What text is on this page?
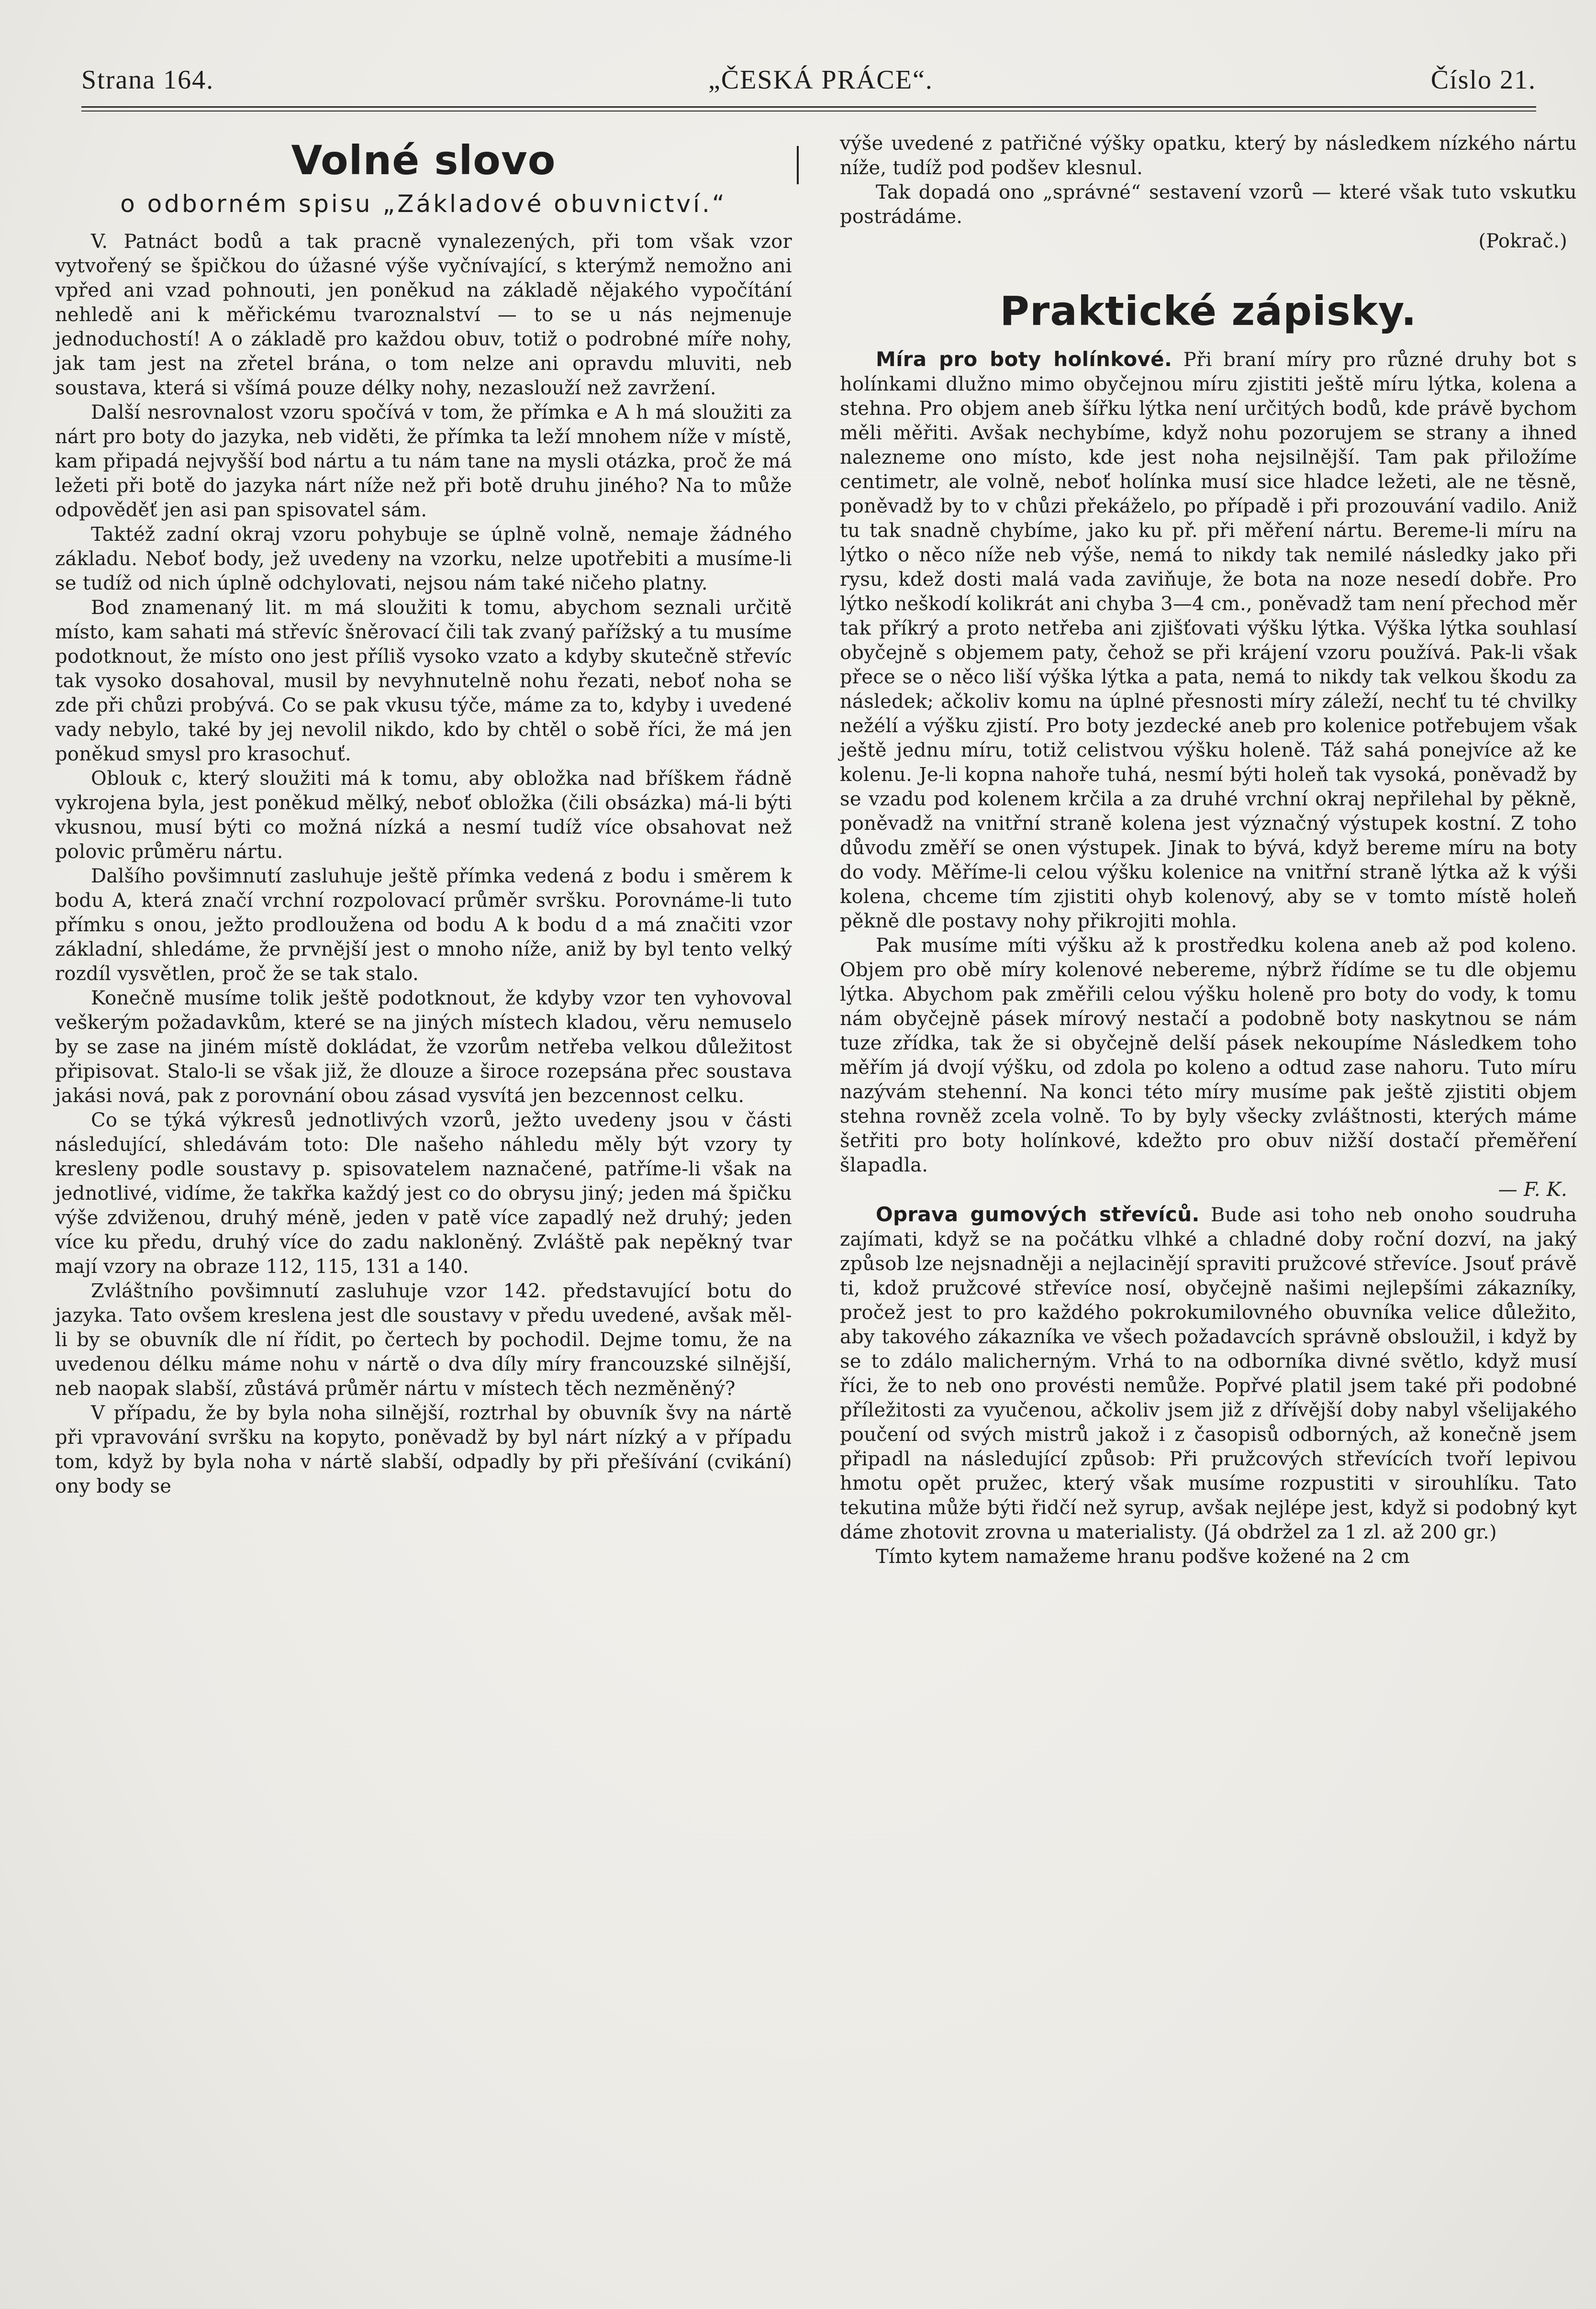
Strana 164.	„ČESKÁ PRÁCE“.	Číslo 21.
Volné slovo
o odborném spisu „Základové obuvnictví.“

V. Patnáct bodů a tak pracně vynalezených, při tom však vzor vytvořený se špičkou do úžasné výše vyčnívající, s kterýmž nemožno ani vpřed ani vzad pohnouti, jen poněkud na základě nějakého vypočítání nehledě ani k měřickému tvaroznalství — to se u nás nejmenuje jednoduchostí! A o základě pro každou obuv, totiž o podrobné míře nohy, jak tam jest na zřetel brána, o tom nelze ani opravdu mluviti, neb soustava, která si všímá pouze délky nohy, nezaslouží než zavržení.

Další nesrovnalost vzoru spočívá v tom, že přímka e A h má sloužiti za nárt pro boty do jazyka, neb viděti, že přímka ta leží mnohem níže v místě, kam připadá nejvyšší bod nártu a tu nám tane na mysli otázka, proč že má ležeti při botě do jazyka nárt níže než při botě druhu jiného? Na to může odpověděť jen asi pan spisovatel sám.

Taktéž zadní okraj vzoru pohybuje se úplně volně, nemaje žádného základu. Neboť body, jež uvedeny na vzorku, nelze upotřebiti a musíme-li se tudíž od nich úplně odchylovati, nejsou nám také ničeho platny.

Bod znamenaný lit. m má sloužiti k tomu, abychom seznali určitě místo, kam sahati má střevíc šněrovací čili tak zvaný pařížský a tu musíme podotknout, že místo ono jest příliš vysoko vzato a kdyby skutečně střevíc tak vysoko dosahoval, musil by nevyhnutelně nohu řezati, neboť noha se zde při chůzi probývá. Co se pak vkusu týče, máme za to, kdyby i uvedené vady nebylo, také by jej nevolil nikdo, kdo by chtěl o sobě říci, že má jen poněkud smysl pro krasochuť.

Oblouk c, který sloužiti má k tomu, aby obložka nad bříškem řádně vykrojena byla, jest poněkud mělký, neboť obložka (čili obsázka) má-li býti vkusnou, musí býti co možná nízká a nesmí tudíž více obsahovat než polovic průměru nártu.

Dalšího povšimnutí zasluhuje ještě přímka vedená z bodu i směrem k bodu A, která značí vrchní rozpolovací průměr svršku. Porovnáme-li tuto přímku s onou, ježto prodloužena od bodu A k bodu d a má značiti vzor základní, shledáme, že prvnější jest o mnoho níže, aniž by byl tento velký rozdíl vysvětlen, proč že se tak stalo.

Konečně musíme tolik ještě podotknout, že kdyby vzor ten vyhovoval veškerým požadavkům, které se na jiných místech kladou, věru nemuselo by se zase na jiném místě dokládat, že vzorům netřeba velkou důležitost připisovat. Stalo-li se však již, že dlouze a široce rozepsána přec soustava jakási nová, pak z porovnání obou zásad vysvítá jen bezcennost celku.

Co se týká výkresů jednotlivých vzorů, ježto uvedeny jsou v části následující, shledávám toto: Dle našeho náhledu měly být vzory ty kresleny podle soustavy p. spisovatelem naznačené, patříme-li však na jednotlivé, vidíme, že takřka každý jest co do obrysu jiný; jeden má špičku výše zdviženou, druhý méně, jeden v patě více zapadlý než druhý; jeden více ku předu, druhý více do zadu nakloněný. Zvláště pak nepěkný tvar mají vzory na obraze 112, 115, 131 a 140.

Zvláštního povšimnutí zasluhuje vzor 142. představující botu do jazyka. Tato ovšem kreslena jest dle soustavy v předu uvedené, avšak měl-li by se obuvník dle ní řídit, po čertech by pochodil. Dejme tomu, že na uvedenou délku máme nohu v nártě o dva díly míry francouzské silnější, neb naopak slabší, zůstává průměr nártu v místech těch nezměněný?

V případu, že by byla noha silnější, roztrhal by obuvník švy na nártě při vpravování svršku na kopyto, poněvadž by byl nárt nízký a v případu tom, když by byla noha v nártě slabší, odpadly by při přešívání (cvikání) ony body se

výše uvedené z patřičné výšky opatku, který by následkem nízkého nártu níže, tudíž pod podšev klesnul.

Tak dopadá ono „správné“ sestavení vzorů — které však tuto vskutku postrádáme.

(Pokrač.)

Praktické zápisky.

Míra pro boty holínkové. Při braní míry pro různé druhy bot s holínkami dlužno mimo obyčejnou míru zjistiti ještě míru lýtka, kolena a stehna. Pro objem aneb šířku lýtka není určitých bodů, kde právě bychom měli měřiti. Avšak nechybíme, když nohu pozorujem se strany a ihned nalezneme ono místo, kde jest noha nejsilnější. Tam pak přiložíme centimetr, ale volně, neboť holínka musí sice hladce ležeti, ale ne těsně, poněvadž by to v chůzi překáželo, po případě i při prozouvání vadilo. Aniž tu tak snadně chybíme, jako ku př. při měření nártu. Bereme-li míru na lýtko o něco níže neb výše, nemá to nikdy tak nemilé následky jako při rysu, kdež dosti malá vada zaviňuje, že bota na noze nesedí dobře. Pro lýtko neškodí kolikrát ani chyba 3—4 cm., poněvadž tam není přechod měr tak příkrý a proto netřeba ani zjišťovati výšku lýtka. Výška lýtka souhlasí obyčejně s objemem paty, čehož se při krájení vzoru používá. Pak-li však přece se o něco liší výška lýtka a pata, nemá to nikdy tak velkou škodu za následek; ačkoliv komu na úplné přesnosti míry záleží, nechť tu té chvilky nežélí a výšku zjistí. Pro boty jezdecké aneb pro kolenice potřebujem však ještě jednu míru, totiž celistvou výšku holeně. Táž sahá ponejvíce až ke kolenu. Je-li kopna nahoře tuhá, nesmí býti holeň tak vysoká, poněvadž by se vzadu pod kolenem krčila a za druhé vrchní okraj nepřilehal by pěkně, poněvadž na vnitřní straně kolena jest význačný výstupek kostní. Z toho důvodu změří se onen výstupek. Jinak to bývá, když bereme míru na boty do vody. Měříme-li celou výšku kolenice na vnitřní straně lýtka až k výši kolena, chceme tím zjistiti ohyb kolenový, aby se v tomto místě holeň pěkně dle postavy nohy přikrojiti mohla.

Pak musíme míti výšku až k prostředku kolena aneb až pod koleno. Objem pro obě míry kolenové nebereme, nýbrž řídíme se tu dle objemu lýtka. Abychom pak změřili celou výšku holeně pro boty do vody, k tomu nám obyčejně pásek mírový nestačí a podobně boty naskytnou se nám tuze zřídka, tak že si obyčejně delší pásek nekoupíme Následkem toho měřím já dvojí výšku, od zdola po koleno a odtud zase nahoru. Tuto míru nazývám stehenní. Na konci této míry musíme pak ještě zjistiti objem stehna rovněž zcela volně. To by byly všecky zvláštnosti, kterých máme šetřiti pro boty holínkové, kdežto pro obuv nižší dostačí přeměření šlapadla.

— F. K.

Oprava gumových střevíců. Bude asi toho neb onoho soudruha zajímati, když se na počátku vlhké a chladné doby roční dozví, na jaký způsob lze nejsnadněji a nejlacinějí spraviti pružcové střevíce. Jsouť právě ti, kdož pružcové střevíce nosí, obyčejně našimi nejlepšími zákazníky, pročež jest to pro každého pokrokumilovného obuvníka velice důležito, aby takového zákazníka ve všech požadavcích správně obsloužil, i když by se to zdálo malicherným. Vrhá to na odborníka divné světlo, když musí říci, že to neb ono provésti nemůže. Popřvé platil jsem také při podobné příležitosti za vyučenou, ačkoliv jsem již z dřívější doby nabyl všelijakého poučení od svých mistrů jakož i z časopisů odborných, až konečně jsem připadl na následující způsob: Při pružcových střevících tvoří lepivou hmotu opět pružec, který však musíme rozpustiti v sirouhlíku. Tato tekutina může býti řidčí než syrup, avšak nejlépe jest, když si podobný kyt dáme zhotovit zrovna u materialisty. (Já obdržel za 1 zl. až 200 gr.)

Tímto kytem namažeme hranu podšve kožené na 2 cm
